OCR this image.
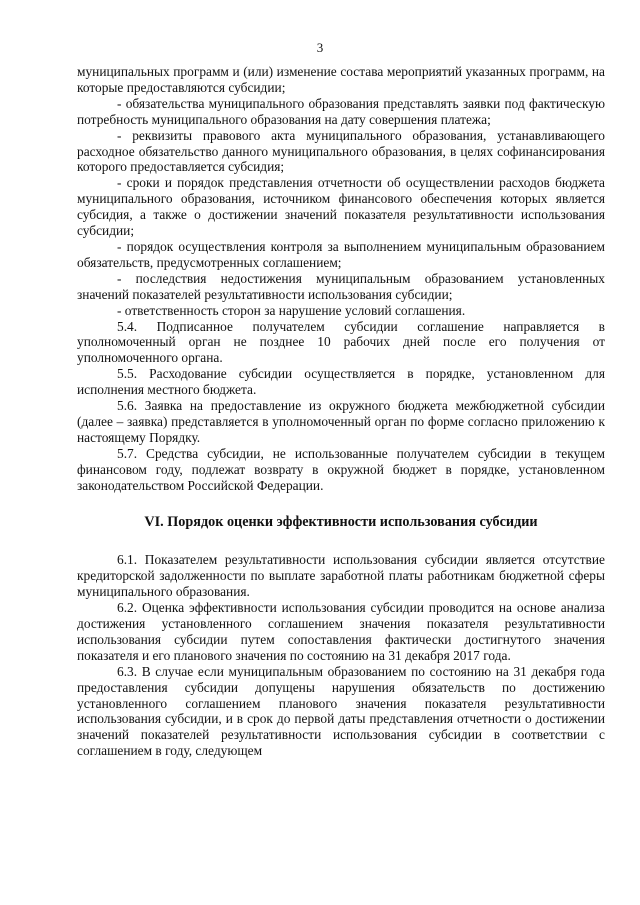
3

муниципальных программ и (или) изменение состава мероприятий указанных программ, на которые предоставляются субсидии;

- обязательства муниципального образования представлять заявки под фактическую потребность муниципального образования на дату совершения платежа;

- реквизиты правового акта муниципального образования, устанавливающего расходное обязательство данного муниципального образования, в целях софинансирования которого предоставляется субсидия;

- сроки и порядок представления отчетности об осуществлении расходов бюджета муниципального образования, источником финансового обеспечения которых является субсидия, а также о достижении значений показателя результативности использования субсидии;

- порядок осуществления контроля за выполнением муниципальным образованием обязательств, предусмотренных соглашением;

- последствия недостижения муниципальным образованием установленных значений показателей результативности использования субсидии;

- ответственность сторон за нарушение условий соглашения.

5.4. Подписанное получателем субсидии соглашение направляется в уполномоченный орган не позднее 10 рабочих дней после его получения от уполномоченного органа.

5.5. Расходование субсидии осуществляется в порядке, установленном для исполнения местного бюджета.

5.6. Заявка на предоставление из окружного бюджета межбюджетной субсидии (далее – заявка) представляется в уполномоченный орган по форме согласно приложению к настоящему Порядку.

5.7. Средства субсидии, не использованные получателем субсидии в текущем финансовом году, подлежат возврату в окружной бюджет в порядке, установленном законодательством Российской Федерации.

VI. Порядок оценки эффективности использования субсидии

6.1. Показателем результативности использования субсидии является отсутствие кредиторской задолженности по выплате заработной платы работникам бюджетной сферы муниципального образования.

6.2. Оценка эффективности использования субсидии проводится на основе анализа достижения установленного соглашением значения показателя результативности использования субсидии путем сопоставления фактически достигнутого значения показателя и его планового значения по состоянию на 31 декабря 2017 года.

6.3. В случае если муниципальным образованием по состоянию на 31 декабря года предоставления субсидии допущены нарушения обязательств по достижению установленного соглашением планового значения показателя результативности использования субсидии, и в срок до первой даты представления отчетности о достижении значений показателей результативности использования субсидии в соответствии с соглашением в году, следующем
